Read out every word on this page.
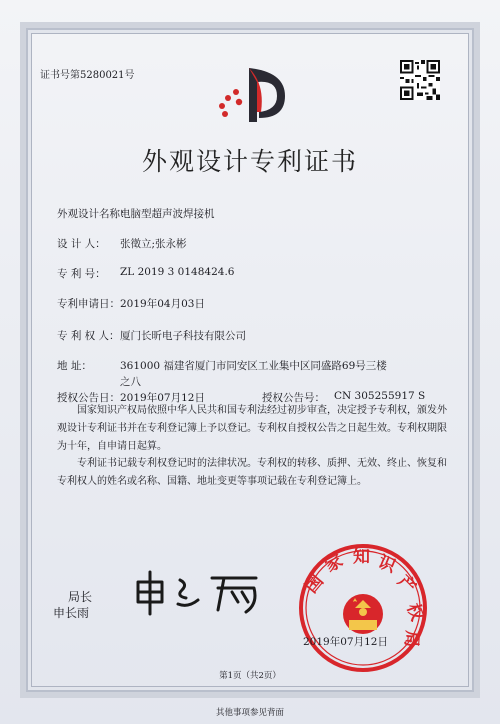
证书号第5280021号
外观设计专利证书
外观设计名称：
电脑型超声波焊接机
设 计 人： 张徵立;张永彬
专 利 号： ZL 2019 3 0148424.6
专利申请日： 2019年04月03日
专 利 权 人： 厦门长昕电子科技有限公司
地 址：	361000 福建省厦门市同安区工业集中区同盛路69号三楼
之八
授权公告日： 2019年07月12日	授权公告号： CN 305255917 S
国家知识产权局依照中华人民共和国专利法经过初步审查，决定授予专利权，颁发外观设计专利证书并在专利登记簿上予以登记。专利权自授权公告之日起生效。专利权期限为十年，自申请日起算。
专利证书记载专利权登记时的法律状况。专利权的转移、质押、无效、终止、恢复和专利权人的姓名或名称、国籍、地址变更等事项记载在专利登记簿上。
局长
申长雨
国
家 知 识
产
权
局
2019年07月12日
第1页（共2页）
其他事项参见背面
